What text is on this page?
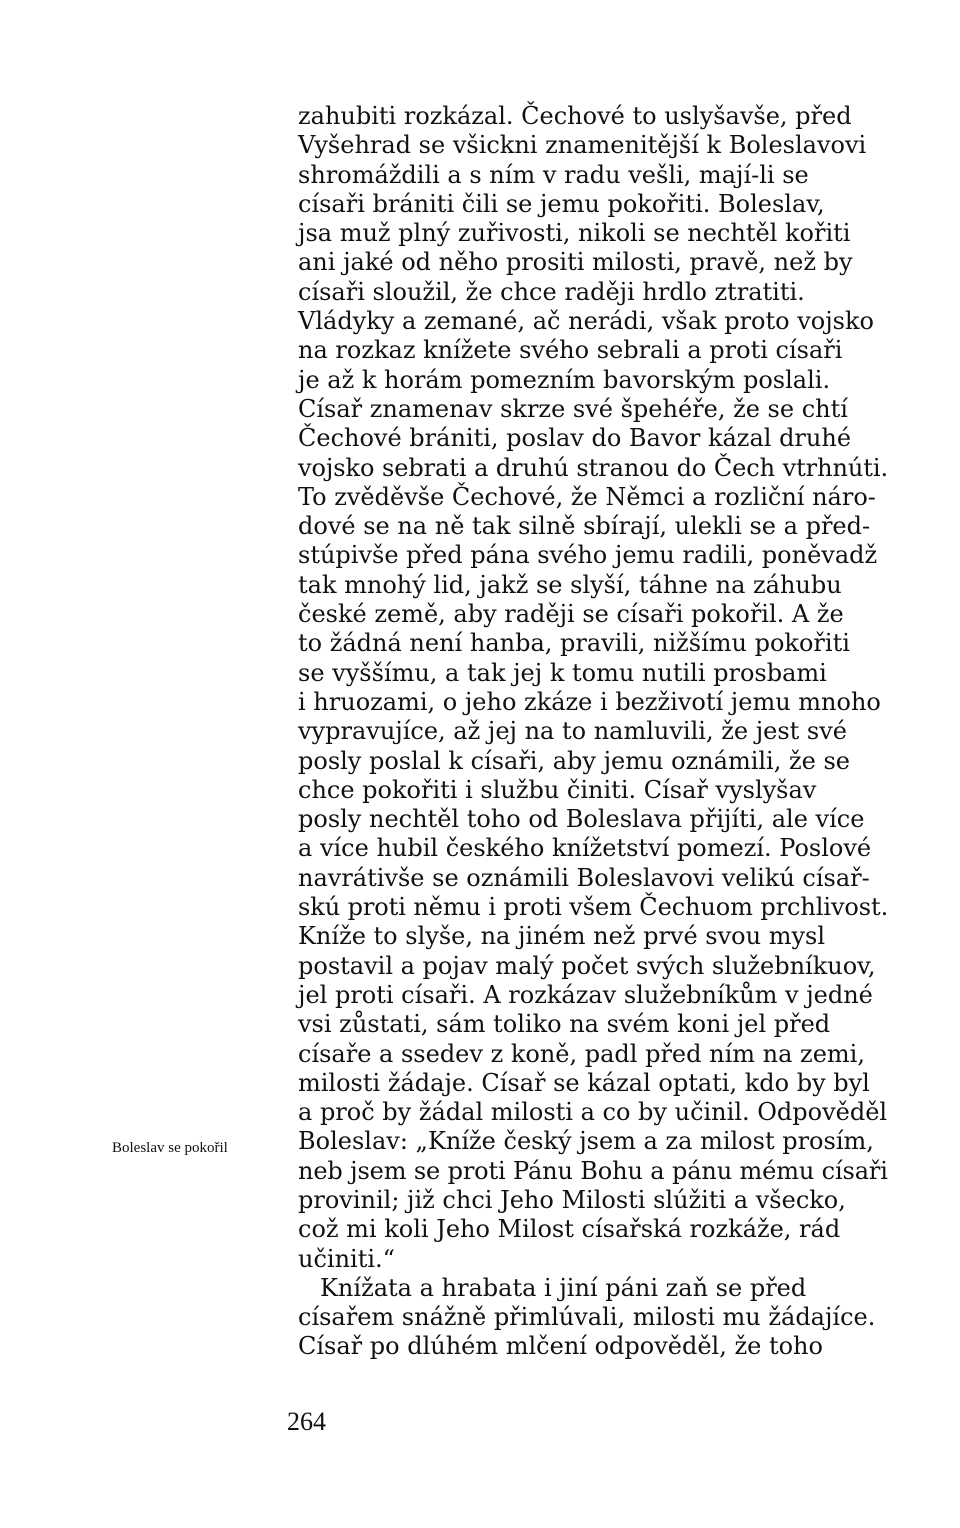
zahubiti rozkázal. Čechové to uslyšavše, před
Vyšehrad se všickni znamenitější k Boleslavovi
shromáždili a s ním v radu vešli, mají-li se
císaři brániti čili se jemu pokořiti. Boleslav,
jsa muž plný zuřivosti, nikoli se nechtěl kořiti
ani jaké od něho prositi milosti, pravě, než by
císaři sloužil, že chce raději hrdlo ztratiti.
Vládyky a zemané, ač nerádi, však proto vojsko
na rozkaz knížete svého sebrali a proti císaři
je až k horám pomezním bavorským poslali.
Císař znamenav skrze své špehéře, že se chtí
Čechové brániti, poslav do Bavor kázal druhé
vojsko sebrati a druhú stranou do Čech vtrhnúti.
To zvěděvše Čechové, že Němci a rozliční náro-
dové se na ně tak silně sbírají, ulekli se a před-
stúpivše před pána svého jemu radili, poněvadž
tak mnohý lid, jakž se slyší, táhne na záhubu
české země, aby raději se císaři pokořil. A že
to žádná není hanba, pravili, nižšímu pokořiti
se vyššímu, a tak jej k tomu nutili prosbami
i hruozami, o jeho zkáze i bezživotí jemu mnoho
vypravujíce, až jej na to namluvili, že jest své
posly poslal k císaři, aby jemu oznámili, že se
chce pokořiti i službu činiti. Císař vyslyšav
posly nechtěl toho od Boleslava přijíti, ale více
a více hubil českého knížetství pomezí. Poslové
navrátivše se oznámili Boleslavovi velikú císař-
skú proti němu i proti všem Čechuom prchlivost.
Kníže to slyše, na jiném než prvé svou mysl
postavil a pojav malý počet svých služebníkuov,
jel proti císaři. A rozkázav služebníkům v jedné
vsi zůstati, sám toliko na svém koni jel před
císaře a ssedev z koně, padl před ním na zemi,
milosti žádaje. Císař se kázal optati, kdo by byl
a proč by žádal milosti a co by učinil. Odpověděl
Boleslav: „Kníže český jsem a za milost prosím,
neb jsem se proti Pánu Bohu a pánu mému císaři
provinil; již chci Jeho Milosti slúžiti a všecko,
což mi koli Jeho Milost císařská rozkáže, rád
učiniti.“
Knížata a hrabata i jiní páni zaň se před
císařem snážně přimlúvali, milosti mu žádajíce.
Císař po dlúhém mlčení odpověděl, že toho
Boleslav se pokořil
264
